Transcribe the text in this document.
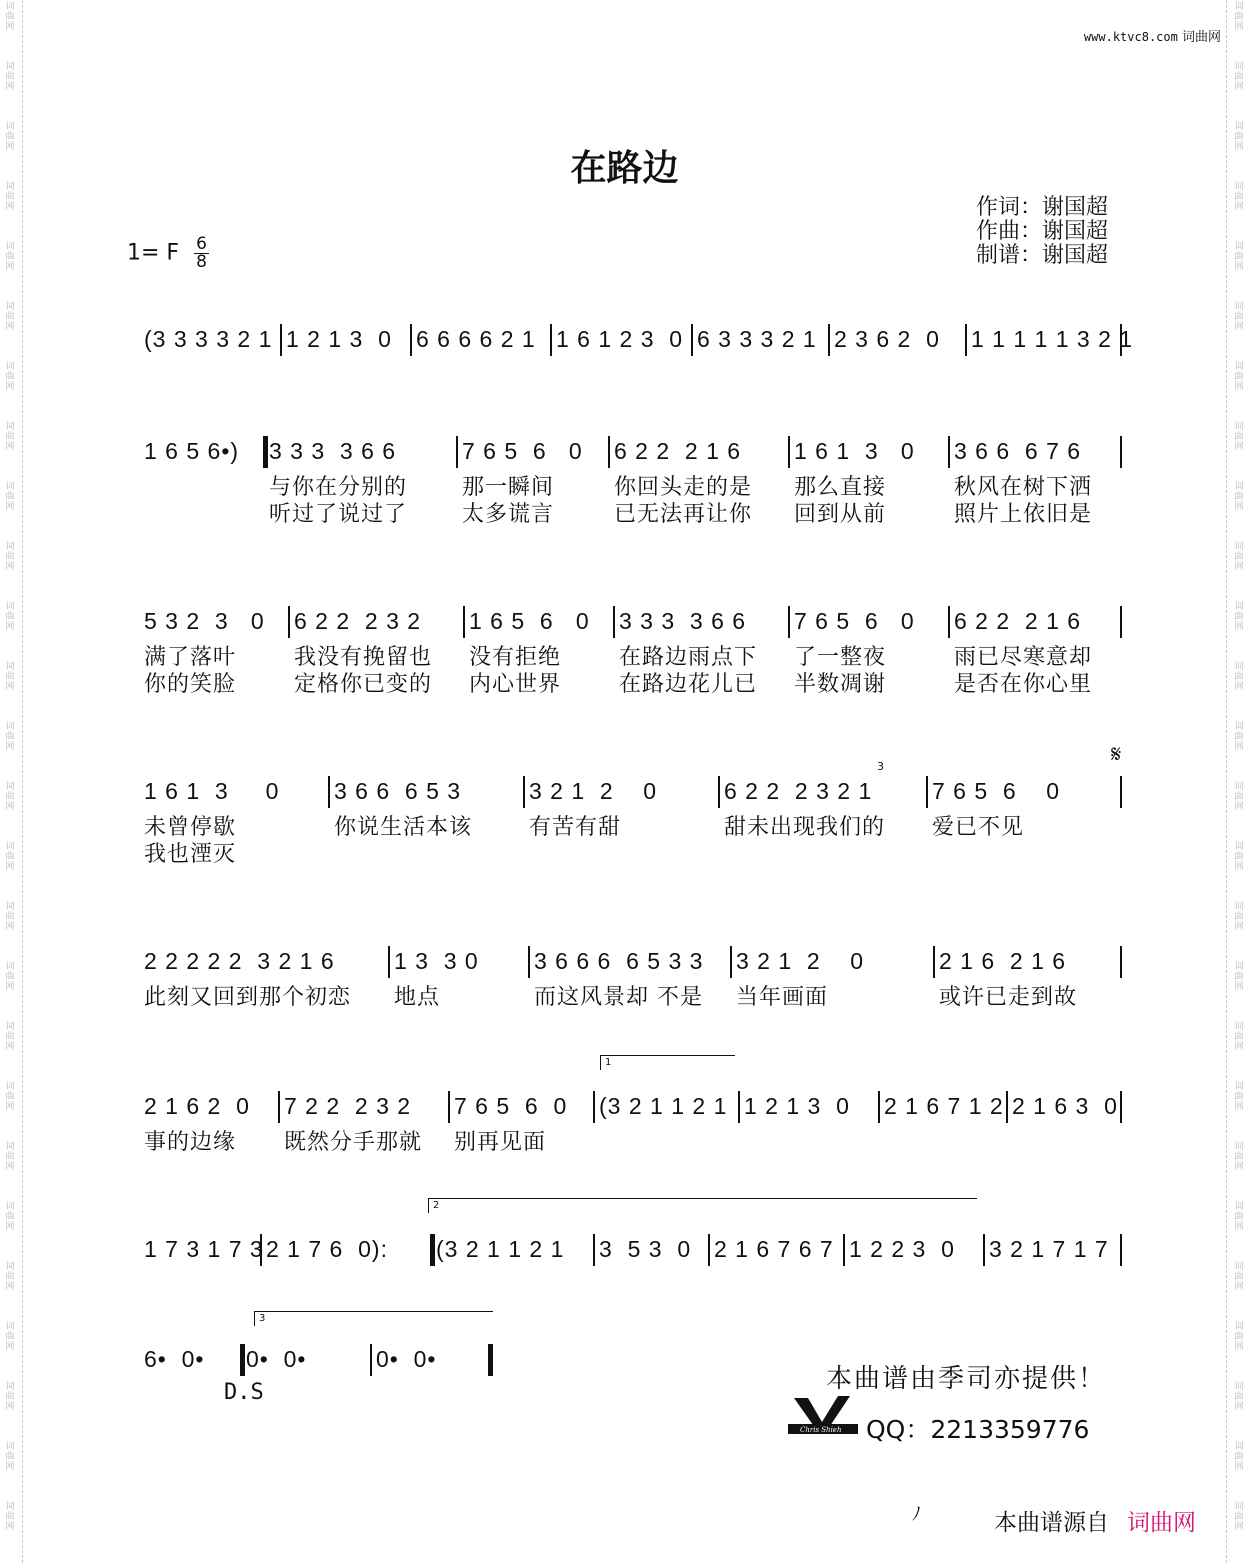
词
曲
网
词
曲
网
词
曲
网
词
曲
网
词
曲
网
词
曲
网
词
曲
网
词
曲
网
词
曲
网
词
曲
网
词
曲
网
词
曲
网
词
曲
网
词
曲
网
词
曲
网
词
曲
网
词
曲
网
词
曲
网
词
曲
网
词
曲
网
词
曲
网
词
曲
网
词
曲
网
词
曲
网
词
曲
网
词
曲
网
词
曲
网
词
曲
网
词
曲
网
词
曲
网
词
曲
网
词
曲
网
词
曲
网
词
曲
网
词
曲
网
词
曲
网
词
曲
网
词
曲
网
词
曲
网
词
曲
网
词
曲
网
词
曲
网
词
曲
网
词
曲
网
词
曲
网
词
曲
网
词
曲
网
词
曲
网
词
曲
网
词
曲
网
词
曲
网
词
曲
网
www.ktvc8.com 词曲网
在路边
作词：谢国超
作曲：谢国超
制谱：谢国超
1= F $\frac{6}{8}$
(3 3 3 3 2 1 1 2 1 3  0 6 6 6 6 2 1 1 6 1 2 3  0 6 3 3 3 2 1 2 3 6 2  0 1 1 1 1 1 3 2 1
1 6 5 6•) 3 3 3  3 6 6	7 6 5  6   0 6 2 2  2 1 6 1 6 1  3   0 3 6 6  6 7 6
与你在分别的 那一瞬间	你回头走的是 那么直接	秋风在树下洒
听过了说过了 太多谎言	已无法再让你 回到从前	照片上依旧是
5 3 2  3   0 6 2 2  2 3 2 1 6 5  6   0 3 3 3  3 6 6 7 6 5  6   0 6 2 2  2 1 6
满了落叶	我没有挽留也 没有拒绝	在路边雨点下 了一整夜	雨已尽寒意却
你的笑脸	定格你已变的 内心世界	在路边花儿已 半数凋谢	是否在你心里
1 6 1  3     0 3 6 6  6 5 3	3 2 1  2    0	6 2 2  2 3 2 1	7 6 5  6    0
未曾停歇	你说生活本该	有苦有甜	甜未出现我们的 爱已不见
我也湮灭
2 2 2 2 2  3 2 1 6	1 3  3 0 3 6 6 6  6 5 3 3 3 2 1  2    0	2 1 6  2 1 6
此刻又回到那个初恋 地点	而这风景却 不是 当年画面	或许已走到故
2 1 6 2  0 7 2 2  2 3 2 7 6 5  6  0 (3 2 1 1 2 1 1 2 1 3  0 2 1 6 7 1 2 2 1 6 3  0
事的边缘 既然分手那就 别再见面
1 7 3 1 7 3 2 1 7 6  0): (3 2 1 1 2 1 3  5 3  0 2 1 6 7 6 7 1 2 2 3  0 3 2 1 7 1 7
6•  0• 0•  0•	0•  0•
1
2
3
3	𝄋
D.S	本曲谱由季司亦提供！
Chris Shieh QQ：2213359776
ﾉ	本曲谱源自 词曲网
